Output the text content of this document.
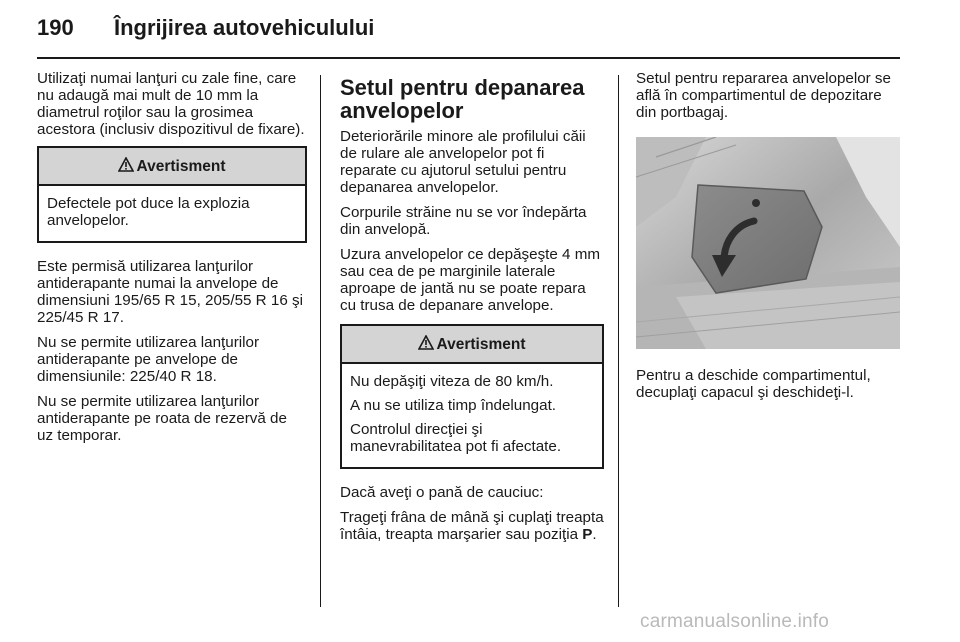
190 Îngrijirea autovehiculului

Utilizaţi numai lanţuri cu zale fine, care nu adaugă mai mult de 10 mm la diametrul roţilor sau la grosimea acestora (inclusiv dispozitivul de fixare).

Avertisment

Defectele pot duce la explozia anvelopelor.

Este permisă utilizarea lanţurilor antiderapante numai la anvelope de dimensiuni 195/65 R 15, 205/55 R 16 şi 225/45 R 17.

Nu se permite utilizarea lanţurilor antiderapante pe anvelope de dimensiunile: 225/40 R 18.

Nu se permite utilizarea lanţurilor antiderapante pe roata de rezervă de uz temporar.

Setul pentru depanarea anvelopelor

Deteriorările minore ale profilului căii de rulare ale anvelopelor pot fi reparate cu ajutorul setului pentru depanarea anvelopelor.

Corpurile străine nu se vor îndepărta din anvelopă.

Uzura anvelopelor ce depăşeşte 4 mm sau cea de pe marginile laterale aproape de jantă nu se poate repara cu trusa de depanare anvelope.

Avertisment

Nu depăşiţi viteza de 80 km/h.

A nu se utiliza timp îndelungat.

Controlul direcţiei şi manevrabilitatea pot fi afectate.

Dacă aveţi o pană de cauciuc:

Trageţi frâna de mână şi cuplaţi treapta întâia, treapta marşarier sau poziţia P.

Setul pentru repararea anvelopelor se află în compartimentul de depozitare din portbagaj.

Pentru a deschide compartimentul, decuplaţi capacul şi deschideţi-l.

carmanualsonline.info
